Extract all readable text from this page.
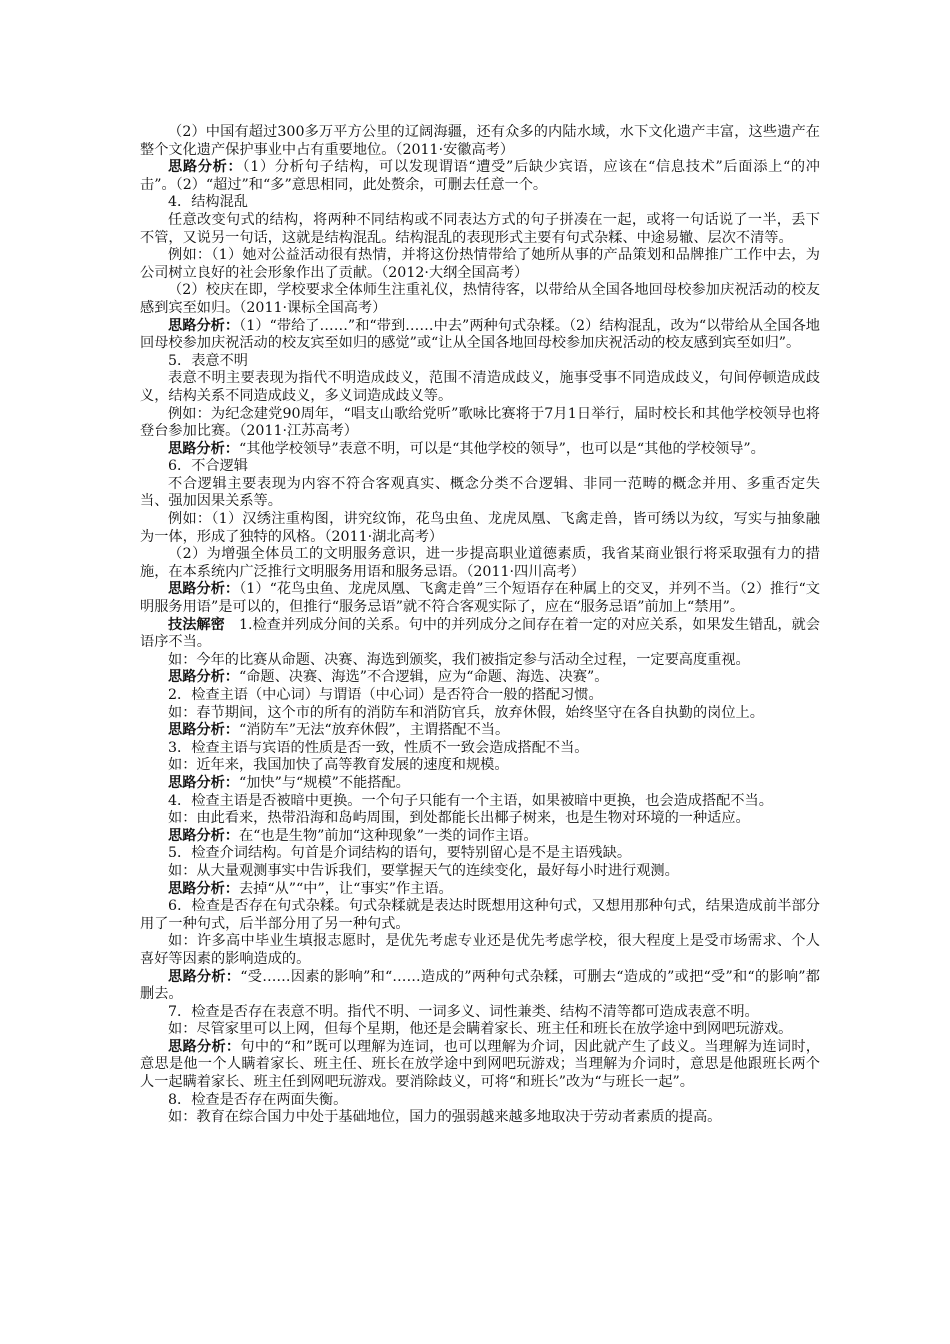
（2）中国有超过300多万平方公里的辽阔海疆，还有众多的内陆水域，水下文化遗产丰富，这些遗产在整个文化遗产保护事业中占有重要地位。（2011·安徽高考）

思路分析：（1）分析句子结构，可以发现谓语“遭受”后缺少宾语，应该在“信息技术”后面添上“的冲击”。（2）“超过”和“多”意思相同，此处赘余，可删去任意一个。

4．结构混乱

任意改变句式的结构，将两种不同结构或不同表达方式的句子拼凑在一起，或将一句话说了一半，丢下不管，又说另一句话，这就是结构混乱。结构混乱的表现形式主要有句式杂糅、中途易辙、层次不清等。

例如：（1）她对公益活动很有热情，并将这份热情带给了她所从事的产品策划和品牌推广工作中去，为公司树立良好的社会形象作出了贡献。（2012·大纲全国高考）

（2）校庆在即，学校要求全体师生注重礼仪，热情待客，以带给从全国各地回母校参加庆祝活动的校友感到宾至如归。（2011·课标全国高考）

思路分析：（1）“带给了……”和“带到……中去”两种句式杂糅。（2）结构混乱，改为“以带给从全国各地回母校参加庆祝活动的校友宾至如归的感觉”或“让从全国各地回母校参加庆祝活动的校友感到宾至如归”。

5．表意不明

表意不明主要表现为指代不明造成歧义，范围不清造成歧义，施事受事不同造成歧义，句间停顿造成歧义，结构关系不同造成歧义，多义词造成歧义等。

例如：为纪念建党90周年，“唱支山歌给党听”歌咏比赛将于7月1日举行，届时校长和其他学校领导也将登台参加比赛。（2011·江苏高考）

思路分析：“其他学校领导”表意不明，可以是“其他学校的领导”，也可以是“其他的学校领导”。

6．不合逻辑

不合逻辑主要表现为内容不符合客观真实、概念分类不合逻辑、非同一范畴的概念并用、多重否定失当、强加因果关系等。

例如：（1）汉绣注重构图，讲究纹饰，花鸟虫鱼、龙虎凤凰、飞禽走兽，皆可绣以为纹，写实与抽象融为一体，形成了独特的风格。（2011·湖北高考）

（2）为增强全体员工的文明服务意识，进一步提高职业道德素质，我省某商业银行将采取强有力的措施，在本系统内广泛推行文明服务用语和服务忌语。（2011·四川高考）

思路分析：（1）“花鸟虫鱼、龙虎凤凰、飞禽走兽”三个短语存在种属上的交叉，并列不当。（2）推行“文明服务用语”是可以的，但推行“服务忌语”就不符合客观实际了，应在“服务忌语”前加上“禁用”。

技法解密　1.检查并列成分间的关系。句中的并列成分之间存在着一定的对应关系，如果发生错乱，就会语序不当。

如：今年的比赛从命题、决赛、海选到颁奖，我们被指定参与活动全过程，一定要高度重视。

思路分析：“命题、决赛、海选”不合逻辑，应为“命题、海选、决赛”。

2．检查主语（中心词）与谓语（中心词）是否符合一般的搭配习惯。

如：春节期间，这个市的所有的消防车和消防官兵，放弃休假，始终坚守在各自执勤的岗位上。

思路分析：“消防车”无法“放弃休假”，主谓搭配不当。

3．检查主语与宾语的性质是否一致，性质不一致会造成搭配不当。

如：近年来，我国加快了高等教育发展的速度和规模。

思路分析：“加快”与“规模”不能搭配。

4．检查主语是否被暗中更换。一个句子只能有一个主语，如果被暗中更换，也会造成搭配不当。

如：由此看来，热带沿海和岛屿周围，到处都能长出椰子树来，也是生物对环境的一种适应。

思路分析：在“也是生物”前加“这种现象”一类的词作主语。

5．检查介词结构。句首是介词结构的语句，要特别留心是不是主语残缺。

如：从大量观测事实中告诉我们，要掌握天气的连续变化，最好每小时进行观测。

思路分析：去掉“从”“中”，让“事实”作主语。

6．检查是否存在句式杂糅。句式杂糅就是表达时既想用这种句式，又想用那种句式，结果造成前半部分用了一种句式，后半部分用了另一种句式。

如：许多高中毕业生填报志愿时，是优先考虑专业还是优先考虑学校，很大程度上是受市场需求、个人喜好等因素的影响造成的。

思路分析：“受……因素的影响”和“……造成的”两种句式杂糅，可删去“造成的”或把“受”和“的影响”都删去。

7．检查是否存在表意不明。指代不明、一词多义、词性兼类、结构不清等都可造成表意不明。

如：尽管家里可以上网，但每个星期，他还是会瞒着家长、班主任和班长在放学途中到网吧玩游戏。

思路分析：句中的“和”既可以理解为连词，也可以理解为介词，因此就产生了歧义。当理解为连词时，意思是他一个人瞒着家长、班主任、班长在放学途中到网吧玩游戏；当理解为介词时，意思是他跟班长两个人一起瞒着家长、班主任到网吧玩游戏。要消除歧义，可将“和班长”改为“与班长一起”。

8．检查是否存在两面失衡。

如：教育在综合国力中处于基础地位，国力的强弱越来越多地取决于劳动者素质的提高。
